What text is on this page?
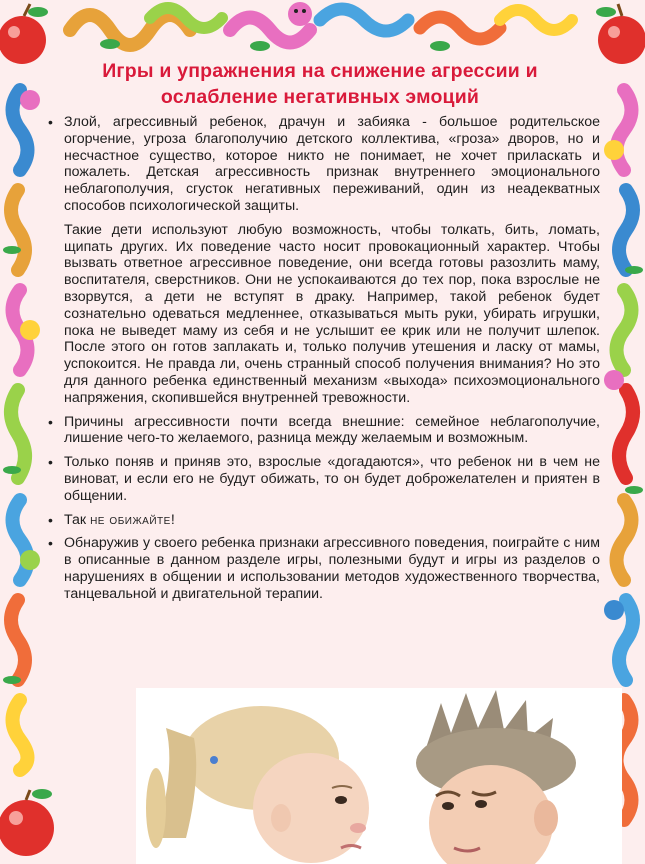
Игры и упражнения на снижение агрессии и
ослабление негативных эмоций
• Злой, агрессивный ребенок, драчун и забияка - большое родительское огорчение, угроза благополучию детского коллектива, «гроза» дворов, но и несчастное существо, которое никто не понимает, не хочет приласкать и пожалеть. Детская агрессивность признак внутреннего эмоционального неблагополучия, сгусток негативных переживаний, один из неадекватных способов психологической защиты.
Такие дети используют любую возможность, чтобы толкать, бить, ломать, щипать других. Их поведение часто носит провокационный характер. Чтобы вызвать ответное агрессивное поведение, они всегда готовы разозлить маму, воспитателя, сверстников. Они не успокаиваются до тех пор, пока взрослые не взорвутся, а дети не вступят в драку. Например, такой ребенок будет сознательно одеваться медленнее, отказываться мыть руки, убирать игрушки, пока не выведет маму из себя и не услышит ее крик или не получит шлепок. После этого он готов заплакать и, только получив утешения и ласку от мамы, успокоится. Не правда ли, очень странный способ получения внимания? Но это для данного ребенка единственный механизм «выхода» психоэмоционального напряжения, скопившейся внутренней тревожности.
• Причины агрессивности почти всегда внешние: семейное неблагополучие, лишение чего-то желаемого, разница между желаемым и возможным.
• Только поняв и приняв это, взрослые «догадаются», что ребенок ни в чем не виноват, и если его не будут обижать, то он будет доброжелателен и приятен в общении.
• Так не обижайте!
• Обнаружив у своего ребенка признаки агрессивного поведения, поиграйте с ним в описанные в данном разделе игры, полезными будут и игры из разделов о нарушениях в общении и использовании методов художественного творчества, танцевальной и двигательной терапии.
